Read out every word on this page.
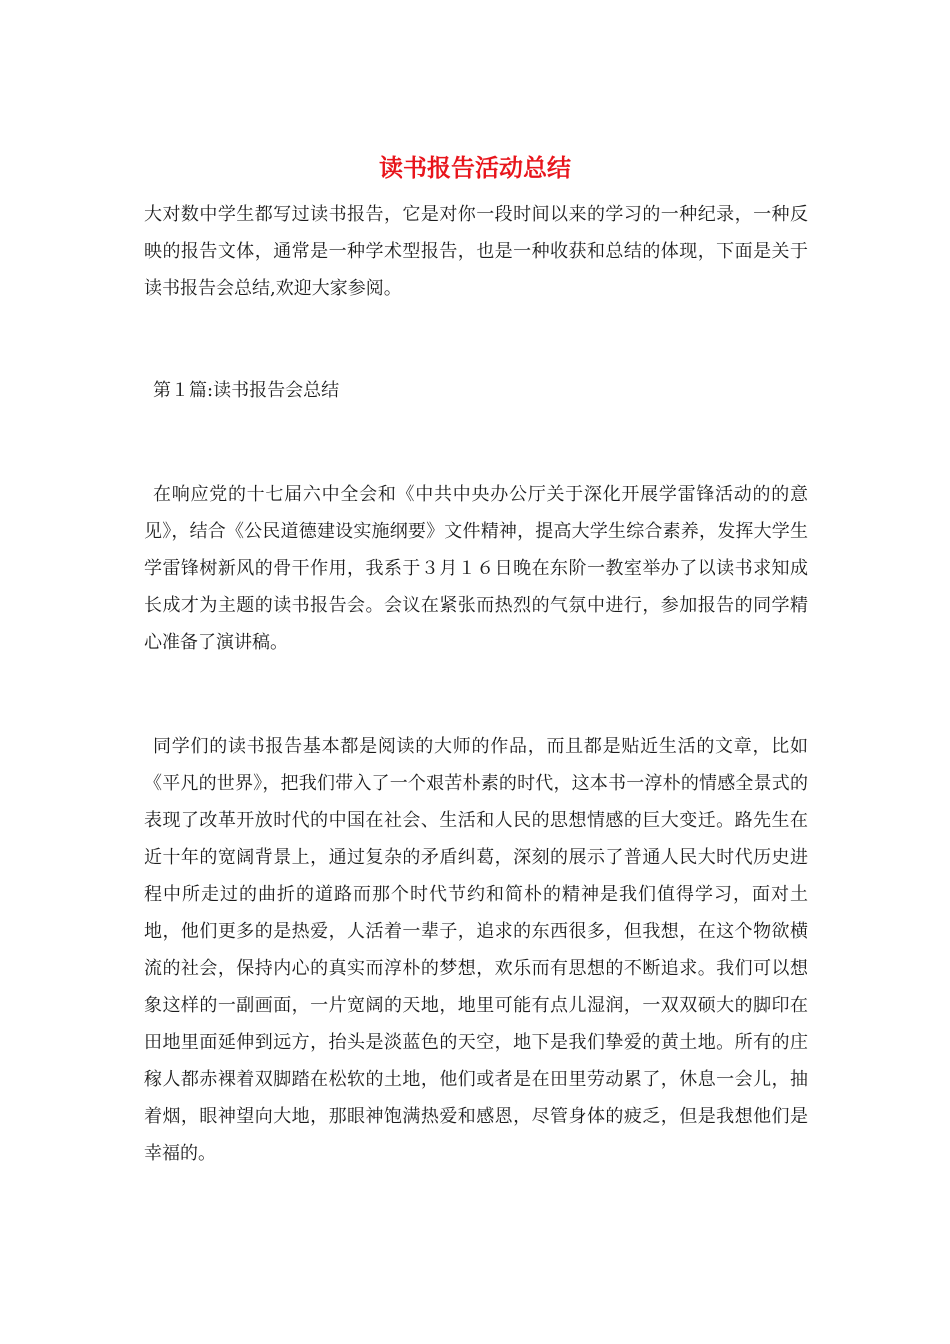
读书报告活动总结

大对数中学生都写过读书报告，它是对你一段时间以来的学习的一种纪录，一种反映的报告文体，通常是一种学术型报告，也是一种收获和总结的体现，下面是关于读书报告会总结,欢迎大家参阅。

第１篇:读书报告会总结

在响应党的十七届六中全会和《中共中央办公厅关于深化开展学雷锋活动的的意见》，结合《公民道德建设实施纲要》文件精神，提高大学生综合素养，发挥大学生学雷锋树新风的骨干作用，我系于３月１６日晚在东阶一教室举办了以读书求知成长成才为主题的读书报告会。会议在紧张而热烈的气氛中进行，参加报告的同学精心准备了演讲稿。

同学们的读书报告基本都是阅读的大师的作品，而且都是贴近生活的文章，比如《平凡的世界》，把我们带入了一个艰苦朴素的时代，这本书一淳朴的情感全景式的表现了改革开放时代的中国在社会、生活和人民的思想情感的巨大变迁。路先生在近十年的宽阔背景上，通过复杂的矛盾纠葛，深刻的展示了普通人民大时代历史进程中所走过的曲折的道路而那个时代节约和简朴的精神是我们值得学习，面对土地，他们更多的是热爱，人活着一辈子，追求的东西很多，但我想，在这个物欲横流的社会，保持内心的真实而淳朴的梦想，欢乐而有思想的不断追求。我们可以想象这样的一副画面，一片宽阔的天地，地里可能有点儿湿润，一双双硕大的脚印在田地里面延伸到远方，抬头是淡蓝色的天空，地下是我们挚爱的黄土地。所有的庄稼人都赤裸着双脚踏在松软的土地，他们或者是在田里劳动累了，休息一会儿，抽着烟，眼神望向大地，那眼神饱满热爱和感恩，尽管身体的疲乏，但是我想他们是幸福的。
